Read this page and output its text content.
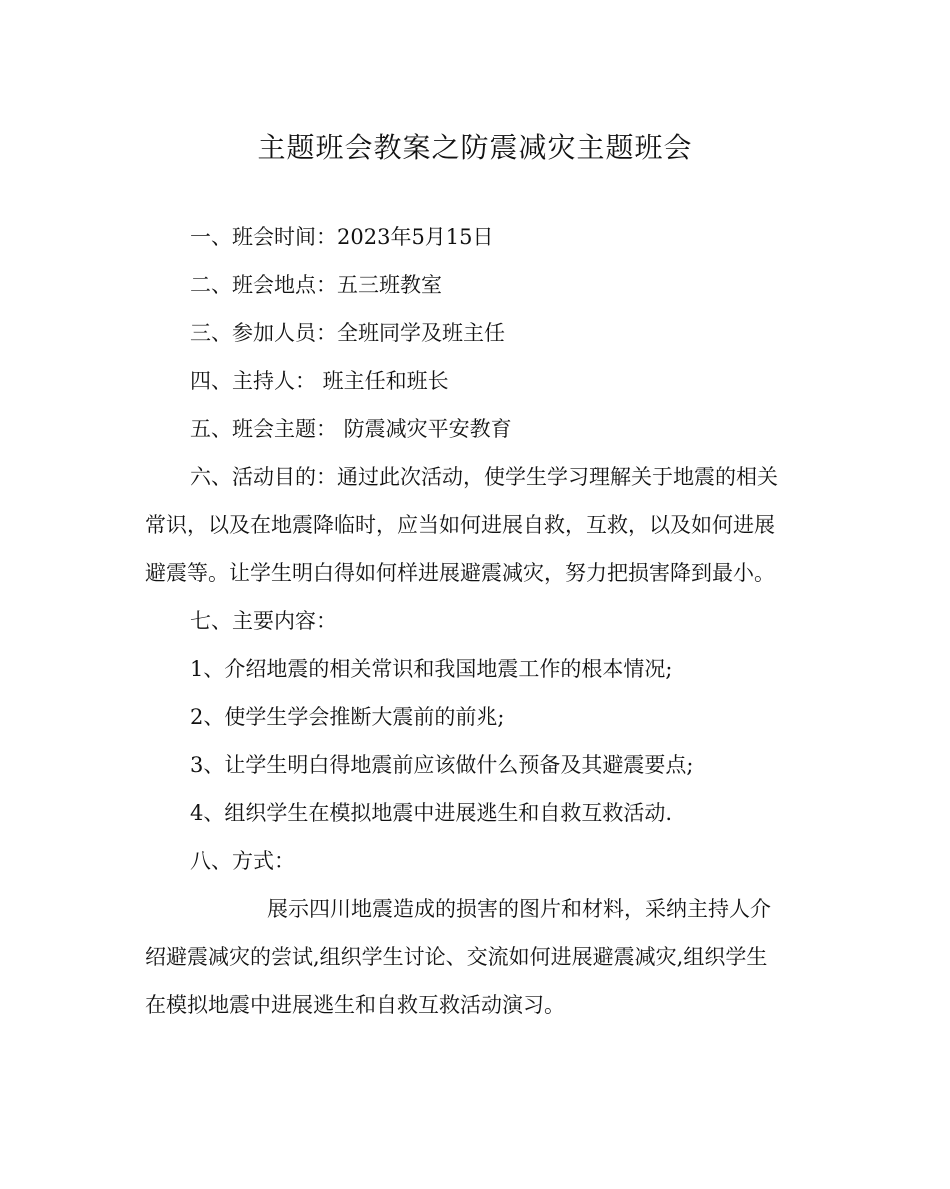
主题班会教案之防震减灾主题班会
一、班会时间：2023年5月15日
二、班会地点：五三班教室
三、参加人员：全班同学及班主任
四、主持人： 班主任和班长
五、班会主题： 防震减灾平安教育
六、活动目的：通过此次活动，使学生学习理解关于地震的相关
常识，以及在地震降临时，应当如何进展自救，互救，以及如何进展
避震等。让学生明白得如何样进展避震减灾，努力把损害降到最小。
七、主要内容：
1、介绍地震的相关常识和我国地震工作的根本情况;
2、使学生学会推断大震前的前兆;
3、让学生明白得地震前应该做什么预备及其避震要点;
4、组织学生在模拟地震中进展逃生和自救互救活动.
八、方式：
展示四川地震造成的损害的图片和材料，采纳主持人介
绍避震减灾的尝试,组织学生讨论、交流如何进展避震减灾,组织学生
在模拟地震中进展逃生和自救互救活动演习。
